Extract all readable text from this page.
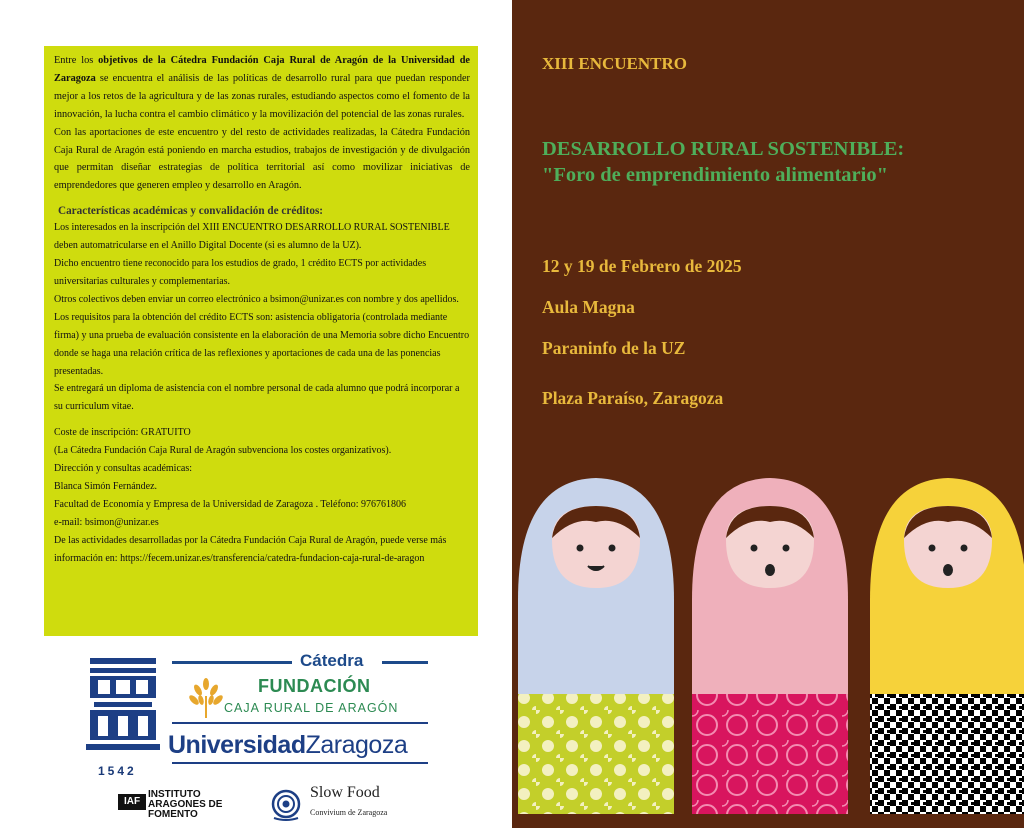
Entre los objetivos de la Cátedra Fundación Caja Rural de Aragón de la Universidad de Zaragoza se encuentra el análisis de las políticas de desarrollo rural para que puedan responder mejor a los retos de la agricultura y de las zonas rurales, estudiando aspectos como el fomento de la innovación, la lucha contra el cambio climático y la movilización del potencial de las zonas rurales.

Con las aportaciones de este encuentro y del resto de actividades realizadas, la Cátedra Fundación Caja Rural de Aragón está poniendo en marcha estudios, trabajos de investigación y de divulgación que permitan diseñar estrategias de política territorial así como movilizar iniciativas de emprendedores que generen empleo y desarrollo en Aragón.

Características académicas y convalidación de créditos:

Los interesados en la inscripción del XIII ENCUENTRO DESARROLLO RURAL SOSTENIBLE deben automatricularse en el Anillo Digital Docente (si es alumno de la UZ).

Dicho encuentro tiene reconocido para los estudios de grado, 1 crédito ECTS por actividades universitarias culturales y complementarias.

Otros colectivos deben enviar un correo electrónico a bsimon@unizar.es con nombre y dos apellidos.

Los requisitos para la obtención del crédito ECTS son: asistencia obligatoria (controlada mediante firma) y una prueba de evaluación consistente en la elaboración de una Memoria sobre dicho Encuentro donde se haga una relación crítica de las reflexiones y aportaciones de cada una de las ponencias presentadas.

Se entregará un diploma de asistencia con el nombre personal de cada alumno que podrá incorporar a su curriculum vitae.

Coste de inscripción: GRATUITO

(La Cátedra Fundación Caja Rural de Aragón subvenciona los costes organizativos).

Dirección y consultas académicas:

Blanca Simón Fernández.

Facultad de Economía y Empresa de la Universidad de Zaragoza . Teléfono: 976761806

e-mail: bsimon@unizar.es

De las actividades desarrolladas por la Cátedra Fundación Caja Rural de Aragón, puede verse más información en: https://fecem.unizar.es/transferencia/catedra-fundacion-caja-rural-de-aragon

1542
Cátedra
FUNDACIÓN
CAJA RURAL DE ARAGÓN
UniversidadZaragoza
IAF
INSTITUTO
ARAGONES DE
FOMENTO
Slow Food
Convivium de Zaragoza
XIII ENCUENTRO
DESARROLLO RURAL SOSTENIBLE:
"Foro de emprendimiento alimentario"
12 y 19 de Febrero de 2025
Aula Magna
Paraninfo de la UZ
Plaza Paraíso, Zaragoza
